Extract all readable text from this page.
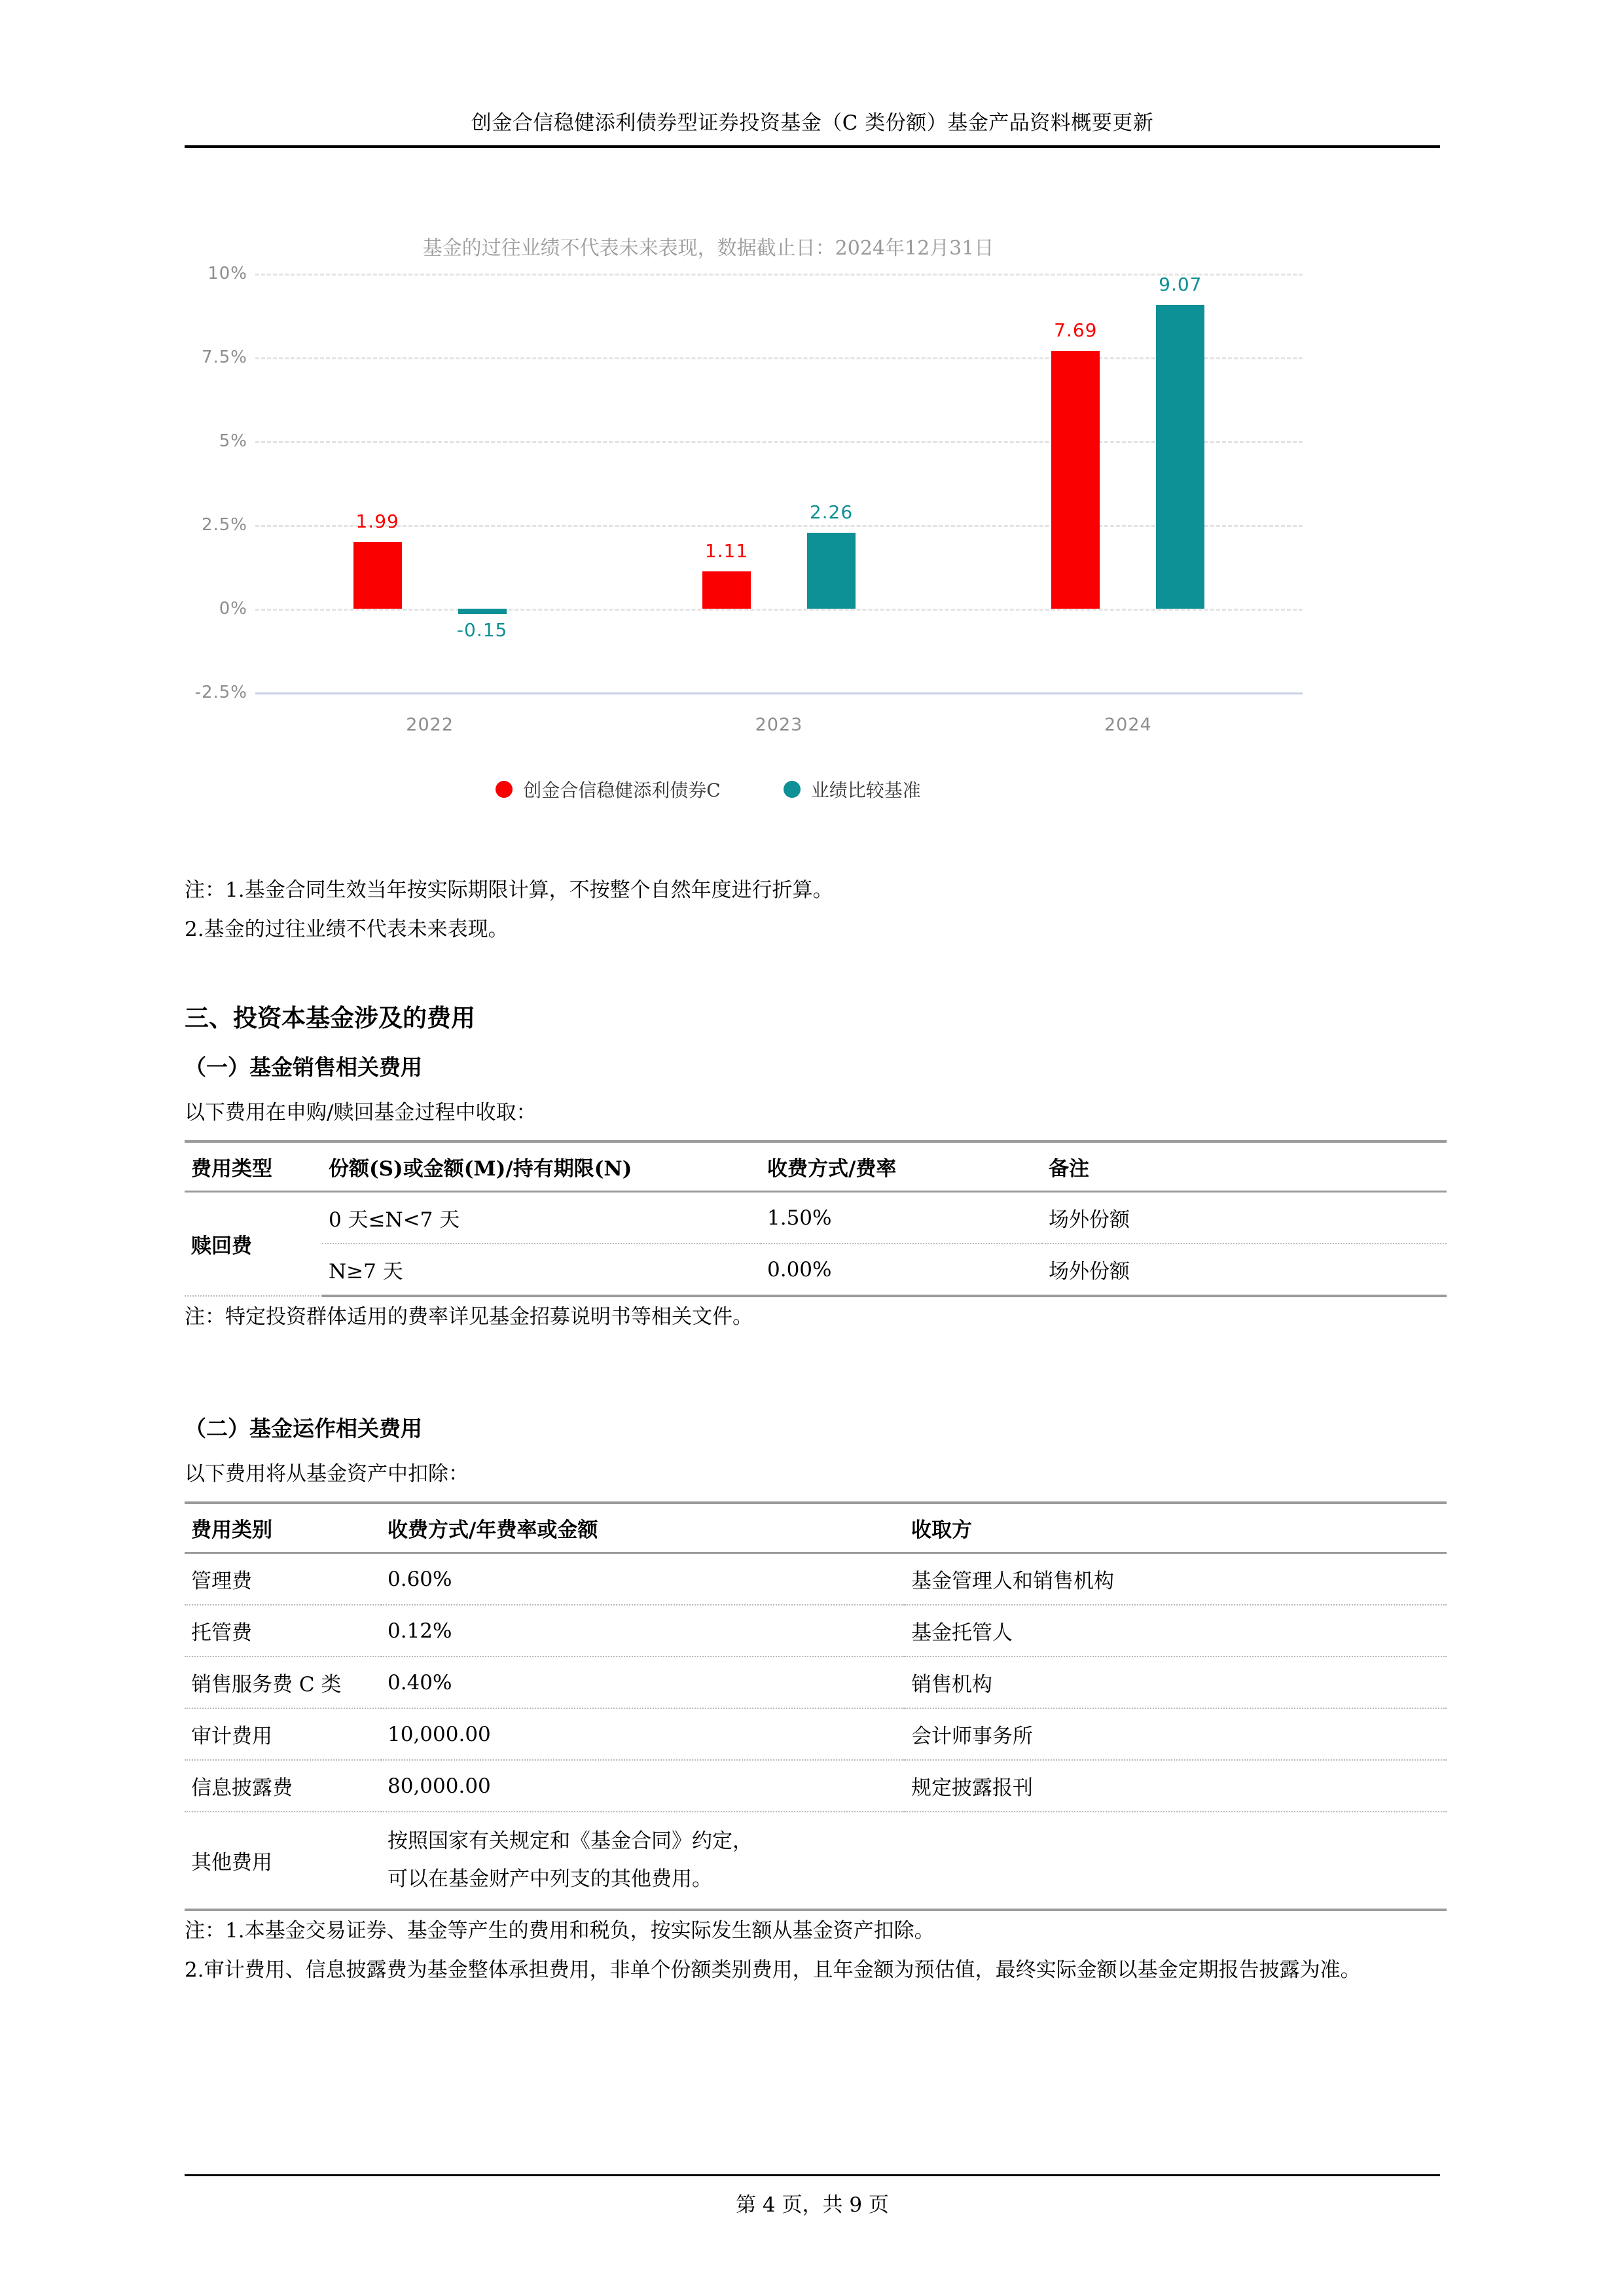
创金合信稳健添利债券型证券投资基金（C 类份额）基金产品资料概要更新
基金的过往业绩不代表未来表现，数据截止日：2024年12月31日
10%
7.5%
5%
2.5%
0%
-2.5%
1.99
-0.15
2022
1.11
2.26
2023
7.69
9.07
2024
创金合信稳健添利债券C	业绩比较基准

注：1.基金合同生效当年按实际期限计算，不按整个自然年度进行折算。

2.基金的过往业绩不代表未来表现。

三、投资本基金涉及的费用
（一）基金销售相关费用

以下费用在申购/赎回基金过程中收取：

费用类型	份额(S)或金额(M)/持有期限(N)	收费方式/费率	备注
赎回费	0 天≤N<7 天	1.50%	场外份额
	N≥7 天	0.00%	场外份额

注：特定投资群体适用的费率详见基金招募说明书等相关文件。

（二）基金运作相关费用

以下费用将从基金资产中扣除：

费用类别	收费方式/年费率或金额	收取方
管理费	0.60%	基金管理人和销售机构
托管费	0.12%	基金托管人
销售服务费 C 类	0.40%	销售机构
审计费用	10,000.00	会计师事务所
信息披露费	80,000.00	规定披露报刊
其他费用	按照国家有关规定和《基金合同》约定，
可以在基金财产中列支的其他费用。	

注：1.本基金交易证券、基金等产生的费用和税负，按实际发生额从基金资产扣除。

2.审计费用、信息披露费为基金整体承担费用，非单个份额类别费用，且年金额为预估值，最终实际金额以基金定期报告披露为准。

第 4 页，共 9 页
